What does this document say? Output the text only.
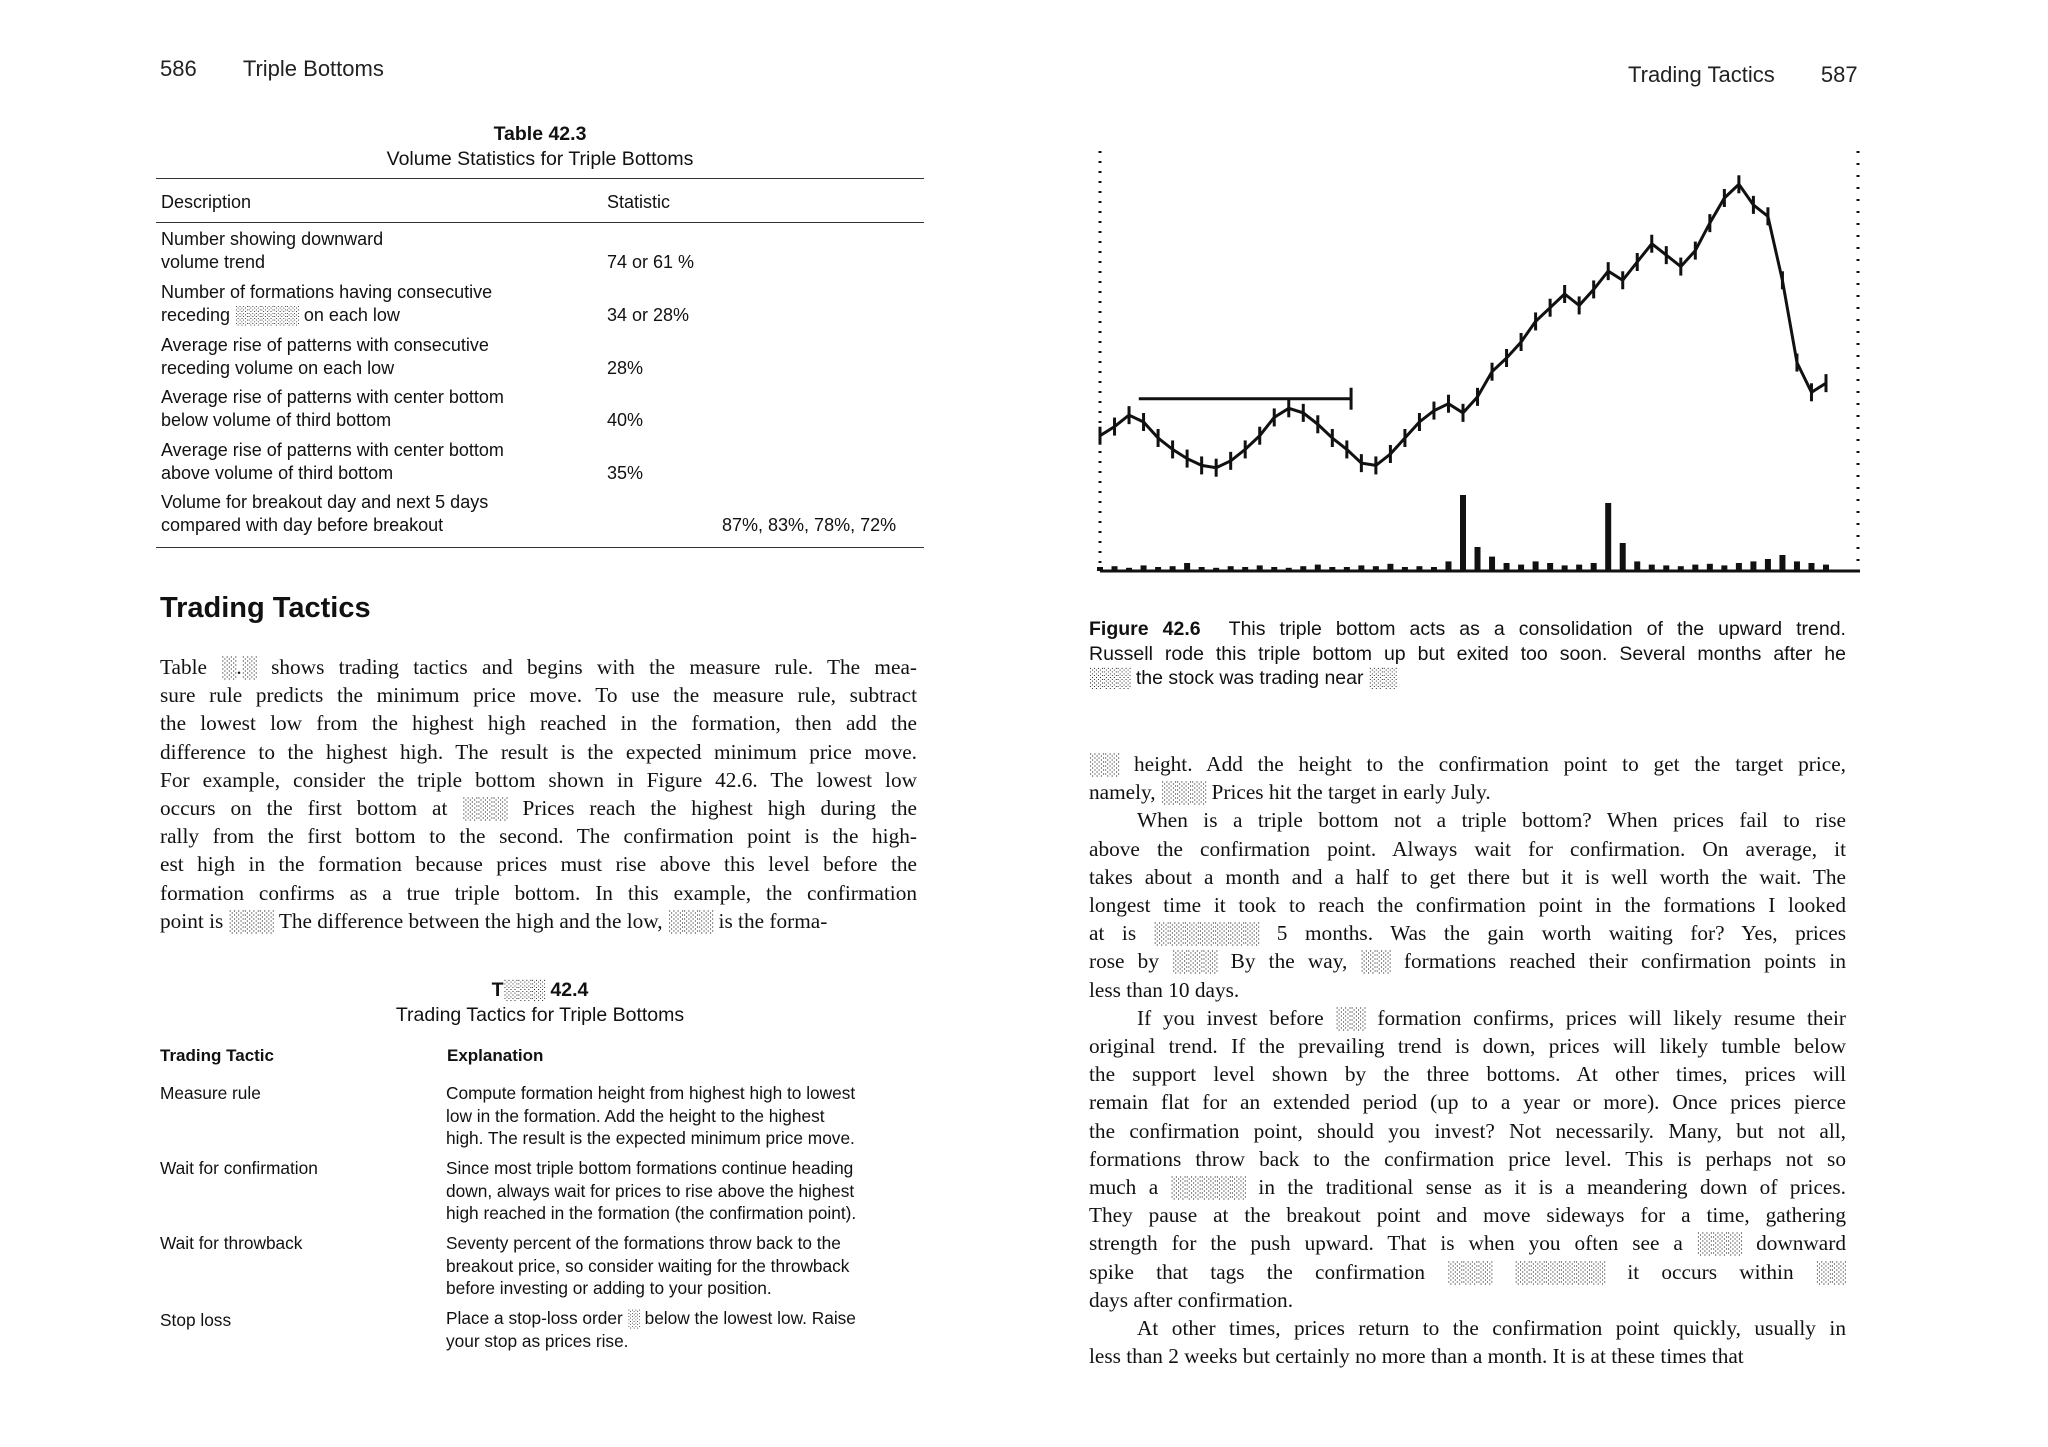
586 Triple Bottoms
Table 42.3
Volume Statistics for Triple Bottoms
Description	Statistic
Number showing downward
volume trend	74 or 61 %
Number of formations having consecutive
receding ░░░░░ on each low	34 or 28%
Average rise of patterns with consecutive
receding volume on each low	28%
Average rise of patterns with center bottom
below volume of third bottom	40%
Average rise of patterns with center bottom
above volume of third bottom	35%
Volume for breakout day and next 5 days
compared with day before breakout	87%, 83%, 78%, 72%
Trading Tactics
Table ░.░ shows trading tactics and begins with the measure rule. The mea-
sure rule predicts the minimum price move. To use the measure rule, subtract
the lowest low from the highest high reached in the formation, then add the
difference to the highest high. The result is the expected minimum price move.
For example, consider the triple bottom shown in Figure 42.6. The lowest low
occurs on the first bottom at ░░░ Prices reach the highest high during the
rally from the first bottom to the second. The confirmation point is the high-
est high in the formation because prices must rise above this level before the
formation confirms as a true triple bottom. In this example, the confirmation
point is ░░░ The difference between the high and the low, ░░░ is the forma-
T░░░ 42.4
Trading Tactics for Triple Bottoms
Trading Tactic	Explanation
Measure rule	Compute formation height from highest high to lowest
low in the formation. Add the height to the highest
high. The result is the expected minimum price move.
Wait for confirmation	Since most triple bottom formations continue heading
down, always wait for prices to rise above the highest
high reached in the formation (the confirmation point).
Wait for throwback	Seventy percent of the formations throw back to the
breakout price, so consider waiting for the throwback
before investing or adding to your position.
Stop loss	Place a stop-loss order ░ below the lowest low. Raise
your stop as prices rise.
Trading Tactics 587
Figure 42.6 This triple bottom acts as a consolidation of the upward trend.
Russell rode this triple bottom up but exited too soon. Several months after he
░░░ the stock was trading near ░░
░░ height. Add the height to the confirmation point to get the target price,
namely, ░░░ Prices hit the target in early July.
When is a triple bottom not a triple bottom? When prices fail to rise
above the confirmation point. Always wait for confirmation. On average, it
takes about a month and a half to get there but it is well worth the wait. The
longest time it took to reach the confirmation point in the formations I looked
at is ░░░░░░░ 5 months. Was the gain worth waiting for? Yes, prices
rose by ░░░ By the way, ░░ formations reached their confirmation points in
less than 10 days.
If you invest before ░░ formation confirms, prices will likely resume their
original trend. If the prevailing trend is down, prices will likely tumble below
the support level shown by the three bottoms. At other times, prices will
remain flat for an extended period (up to a year or more). Once prices pierce
the confirmation point, should you invest? Not necessarily. Many, but not all,
formations throw back to the confirmation price level. This is perhaps not so
much a ░░░░░ in the traditional sense as it is a meandering down of prices.
They pause at the breakout point and move sideways for a time, gathering
strength for the push upward. That is when you often see a ░░░ downward
spike that tags the confirmation ░░░ ░░░░░░ it occurs within ░░
days after confirmation.
At other times, prices return to the confirmation point quickly, usually in
less than 2 weeks but certainly no more than a month. It is at these times that
